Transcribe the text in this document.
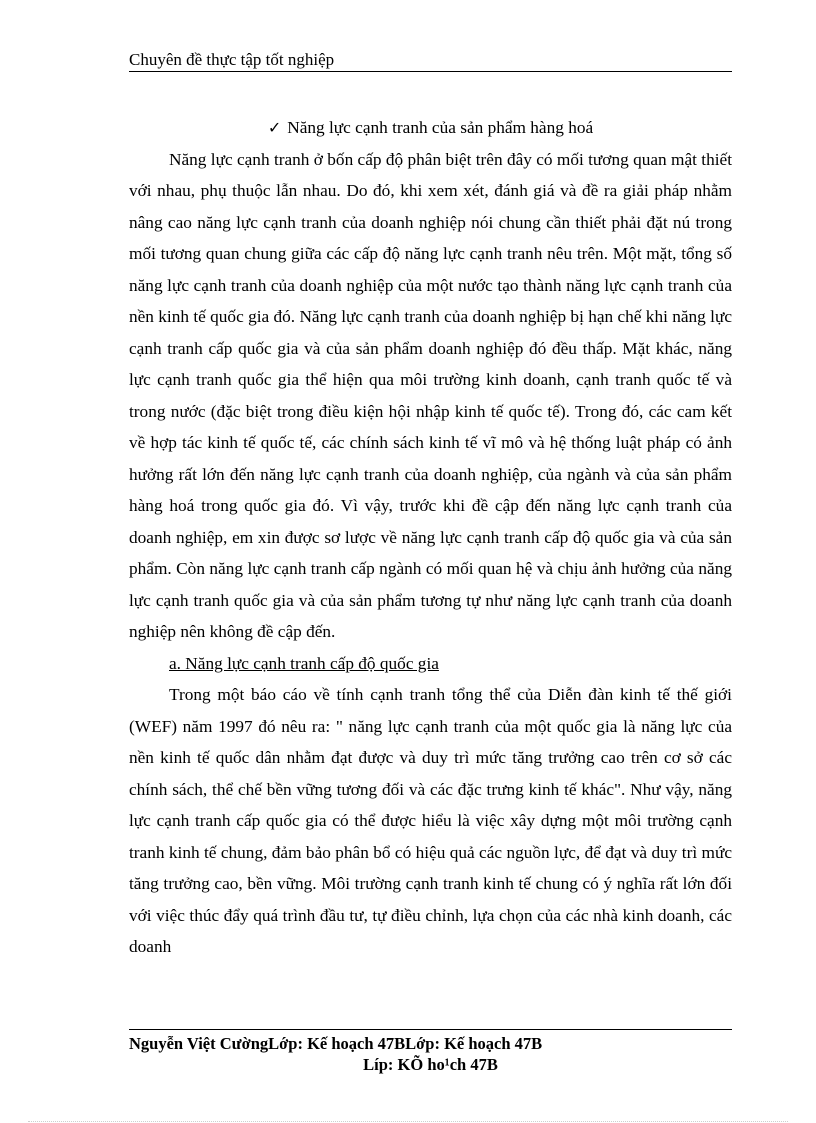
Chuyên đề thực tập tốt nghiệp

✓ Năng lực cạnh tranh của sản phẩm hàng hoá

Năng lực cạnh tranh ở bốn cấp độ phân biệt trên đây có mối tương quan mật thiết với nhau, phụ thuộc lẫn nhau. Do đó, khi xem xét, đánh giá và đề ra giải pháp nhằm nâng cao năng lực cạnh tranh của doanh nghiệp nói chung cần thiết phải đặt nú trong mối tương quan chung giữa các cấp độ năng lực cạnh tranh nêu trên. Một mặt, tổng số năng lực cạnh tranh của doanh nghiệp của một nước tạo thành năng lực cạnh tranh của nền kinh tế quốc gia đó. Năng lực cạnh tranh của doanh nghiệp bị hạn chế khi năng lực cạnh tranh cấp quốc gia và của sản phẩm doanh nghiệp đó đều thấp. Mặt khác, năng lực cạnh tranh quốc gia thể hiện qua môi trường kinh doanh, cạnh tranh quốc tế và trong nước (đặc biệt trong điều kiện hội nhập kinh tế quốc tế). Trong đó, các cam kết về hợp tác kinh tế quốc tế, các chính sách kinh tế vĩ mô và hệ thống luật pháp có ảnh hưởng rất lớn đến năng lực cạnh tranh của doanh nghiệp, của ngành và của sản phẩm hàng hoá trong quốc gia đó. Vì vậy, trước khi đề cập đến năng lực cạnh tranh của doanh nghiệp, em xin được sơ lược về năng lực cạnh tranh cấp độ quốc gia và của sản phẩm. Còn năng lực cạnh tranh cấp ngành có mối quan hệ và chịu ảnh hưởng của năng lực cạnh tranh quốc gia và của sản phẩm tương tự như năng lực cạnh tranh của doanh nghiệp nên không đề cập đến.

a. Năng lực cạnh tranh cấp độ quốc gia

Trong một báo cáo về tính cạnh tranh tổng thể của Diễn đàn kinh tế thế giới (WEF) năm 1997 đó nêu ra: " năng lực cạnh tranh của một quốc gia là năng lực của nền kinh tế quốc dân nhằm đạt được và duy trì mức tăng trưởng cao trên cơ sở các chính sách, thể chế bền vững tương đối và các đặc trưng kinh tế khác". Như vậy, năng lực cạnh tranh cấp quốc gia có thể được hiểu là việc xây dựng một môi trường cạnh tranh kinh tế chung, đảm bảo phân bổ có hiệu quả các nguồn lực, để đạt và duy trì mức tăng trưởng cao, bền vững. Môi trường cạnh tranh kinh tế chung có ý nghĩa rất lớn đối với việc thúc đẩy quá trình đầu tư, tự điều chỉnh, lựa chọn của các nhà kinh doanh, các doanh

Nguyễn Việt CườngLớp: Kế hoạch 47BLớp: Kế hoạch 47B
Líp: KÕ ho¹ch 47B
